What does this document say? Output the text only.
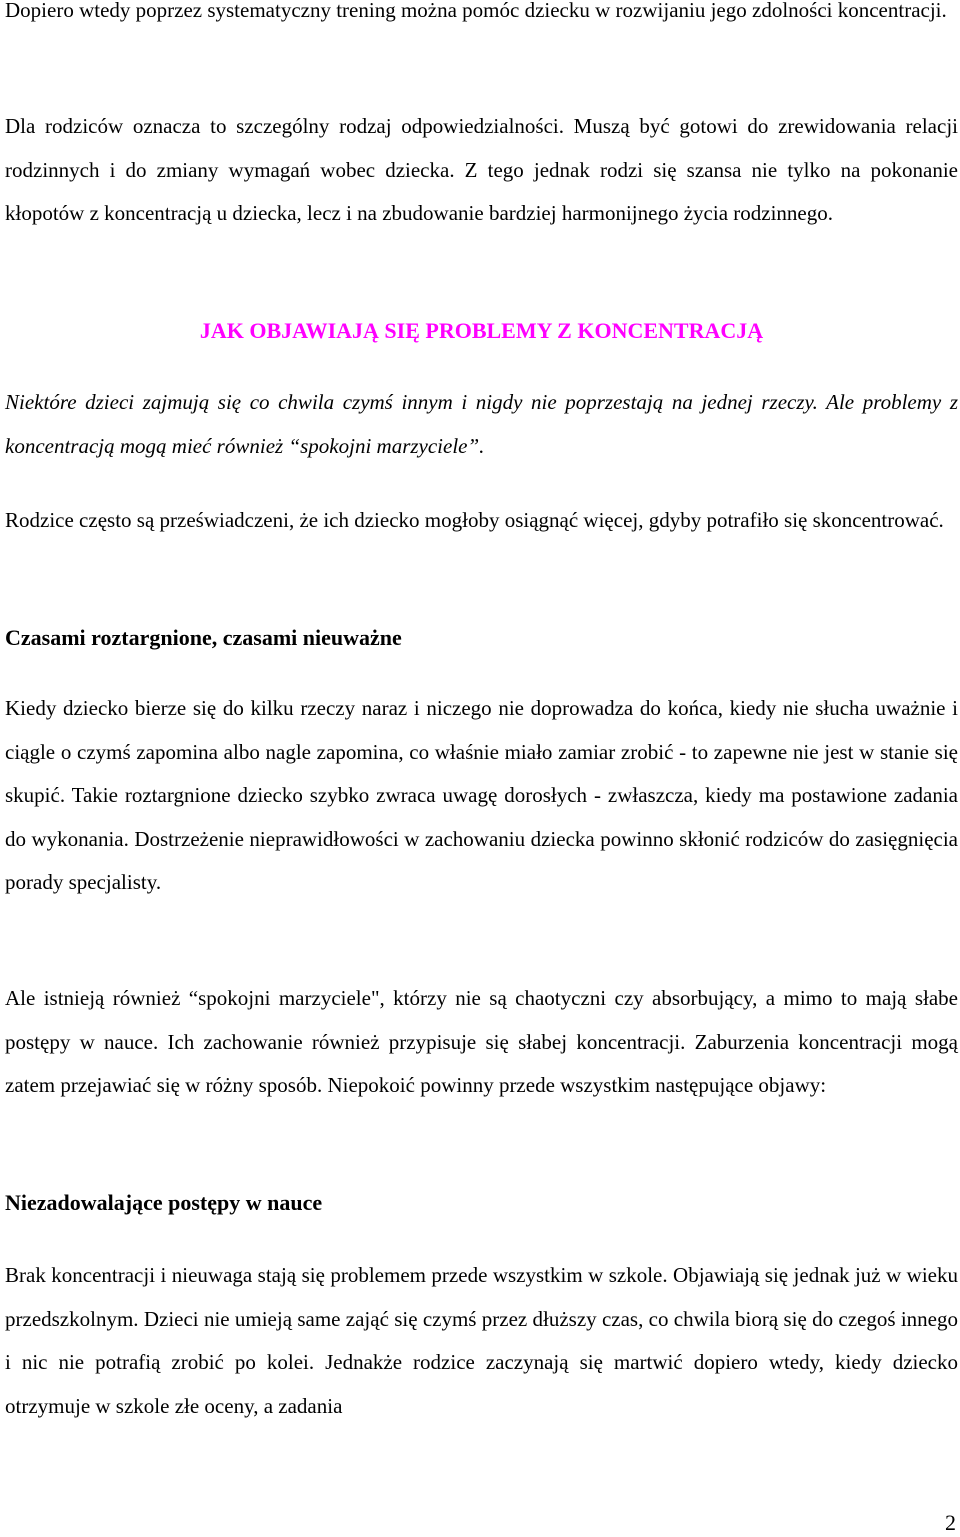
Dopiero wtedy poprzez systematyczny trening można pomóc dziecku w rozwijaniu jego zdolności koncentracji.

Dla rodziców oznacza to szczególny rodzaj odpowiedzialności. Muszą być gotowi do zrewidowania relacji rodzinnych i do zmiany wymagań wobec dziecka. Z tego jednak rodzi się szansa nie tylko na pokonanie kłopotów z koncentracją u dziecka, lecz i na zbudowanie bardziej harmonijnego życia rodzinnego.

JAK OBJAWIAJĄ SIĘ PROBLEMY Z KONCENTRACJĄ

Niektóre dzieci zajmują się co chwila czymś innym i nigdy nie poprzestają na jednej rzeczy. Ale problemy z koncentracją mogą mieć również “spokojni marzyciele”.

Rodzice często są przeświadczeni, że ich dziecko mogłoby osiągnąć więcej, gdyby potrafiło się skoncentrować.

Czasami roztargnione, czasami nieuważne

Kiedy dziecko bierze się do kilku rzeczy naraz i niczego nie doprowadza do końca, kiedy nie słucha uważnie i ciągle o czymś zapomina albo nagle zapomina, co właśnie miało zamiar zrobić - to zapewne nie jest w stanie się skupić. Takie roztargnione dziecko szybko zwraca uwagę dorosłych - zwłaszcza, kiedy ma postawione zadania do wykonania. Dostrzeżenie nieprawidłowości w zachowaniu dziecka powinno skłonić rodziców do zasięgnięcia porady specjalisty.

Ale istnieją również “spokojni marzyciele", którzy nie są chaotyczni czy absorbujący, a mimo to mają słabe postępy w nauce. Ich zachowanie również przypisuje się słabej koncentracji. Zaburzenia koncentracji mogą zatem przejawiać się w różny sposób. Niepokoić powinny przede wszystkim następujące objawy:

Niezadowalające postępy w nauce

Brak koncentracji i nieuwaga stają się problemem przede wszystkim w szkole. Objawiają się jednak już w wieku przedszkolnym. Dzieci nie umieją same zająć się czymś przez dłuższy czas, co chwila biorą się do czegoś innego i nic nie potrafią zrobić po kolei. Jednakże rodzice zaczynają się martwić dopiero wtedy, kiedy dziecko otrzymuje w szkole złe oceny, a zadania

2
